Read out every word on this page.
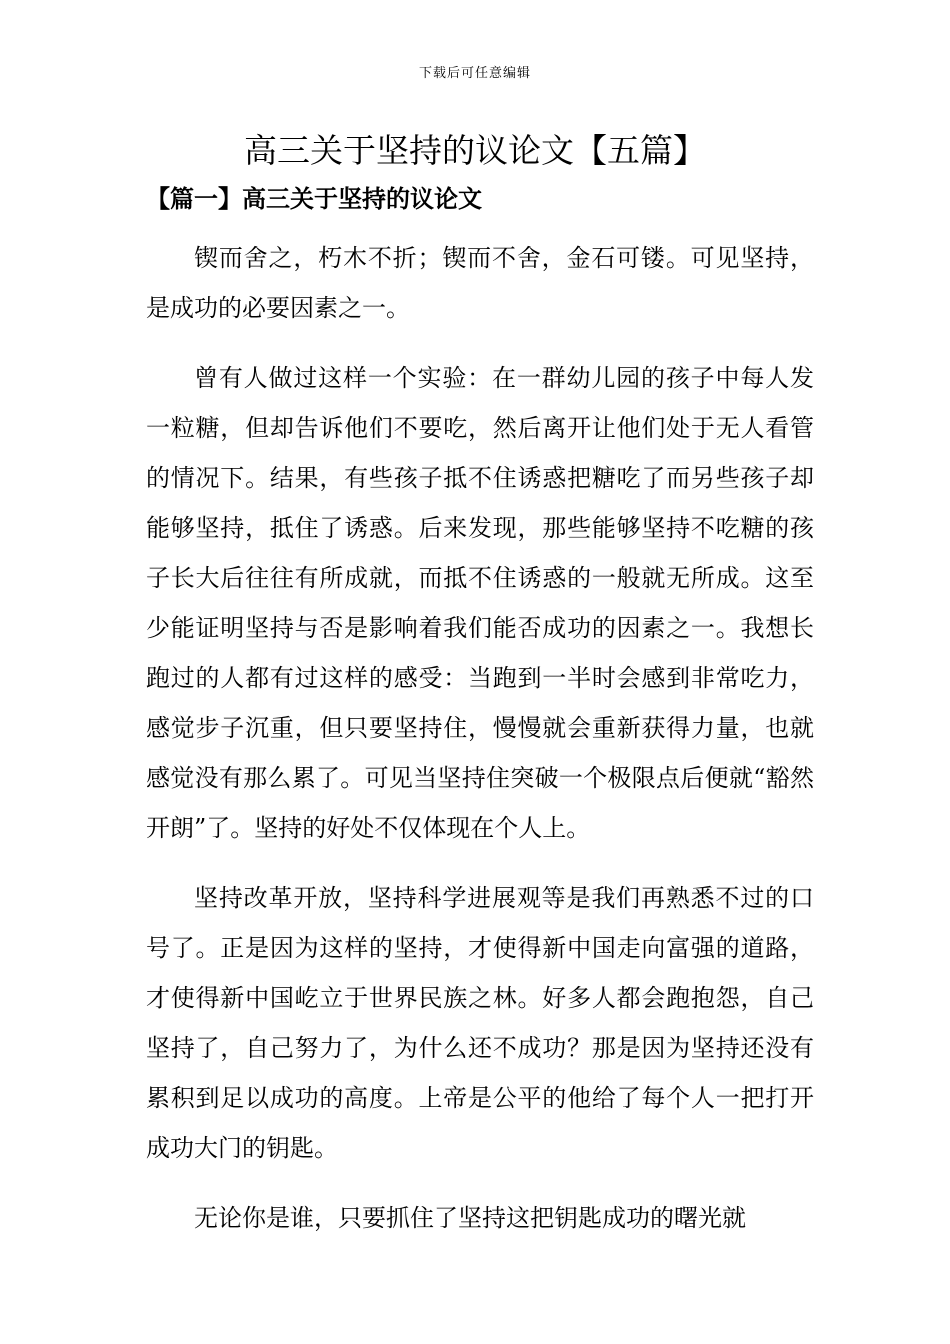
下载后可任意编辑
高三关于坚持的议论文【五篇】
【篇一】高三关于坚持的议论文

锲而舍之，朽木不折；锲而不舍，金石可镂。可见坚持，是成功的必要因素之一。

曾有人做过这样一个实验：在一群幼儿园的孩子中每人发一粒糖，但却告诉他们不要吃，然后离开让他们处于无人看管的情况下。结果，有些孩子抵不住诱惑把糖吃了而另些孩子却能够坚持，抵住了诱惑。后来发现，那些能够坚持不吃糖的孩子长大后往往有所成就，而抵不住诱惑的一般就无所成。这至少能证明坚持与否是影响着我们能否成功的因素之一。我想长跑过的人都有过这样的感受：当跑到一半时会感到非常吃力，感觉步子沉重，但只要坚持住，慢慢就会重新获得力量，也就感觉没有那么累了。可见当坚持住突破一个极限点后便就“豁然开朗”了。坚持的好处不仅体现在个人上。

坚持改革开放，坚持科学进展观等是我们再熟悉不过的口号了。正是因为这样的坚持，才使得新中国走向富强的道路，才使得新中国屹立于世界民族之林。好多人都会跑抱怨，自己坚持了，自己努力了，为什么还不成功？那是因为坚持还没有累积到足以成功的高度。上帝是公平的他给了每个人一把打开成功大门的钥匙。

无论你是谁，只要抓住了坚持这把钥匙成功的曙光就
